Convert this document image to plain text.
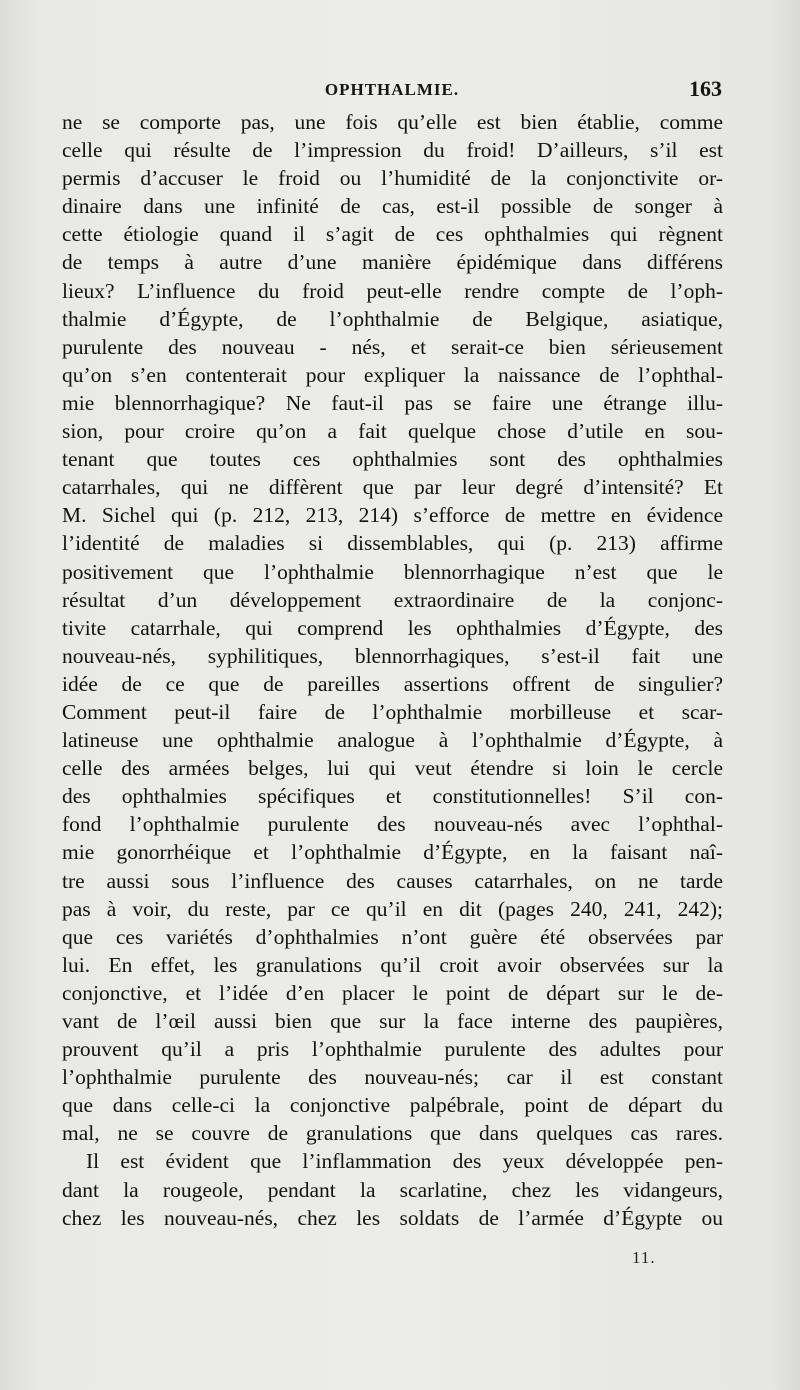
OPHTHALMIE.	163
ne se comporte pas, une fois qu’elle est bien établie, comme
celle qui résulte de l’impression du froid! D’ailleurs, s’il est
permis d’accuser le froid ou l’humidité de la conjonctivite or-
dinaire dans une infinité de cas, est-il possible de songer à
cette étiologie quand il s’agit de ces ophthalmies qui règnent
de temps à autre d’une manière épidémique dans différens
lieux? L’influence du froid peut-elle rendre compte de l’oph-
thalmie d’Égypte, de l’ophthalmie de Belgique, asiatique,
purulente des nouveau - nés, et serait-ce bien sérieusement
qu’on s’en contenterait pour expliquer la naissance de l’ophthal-
mie blennorrhagique? Ne faut-il pas se faire une étrange illu-
sion, pour croire qu’on a fait quelque chose d’utile en sou-
tenant que toutes ces ophthalmies sont des ophthalmies
catarrhales, qui ne diffèrent que par leur degré d’intensité? Et
M. Sichel qui (p. 212, 213, 214) s’efforce de mettre en évidence
l’identité de maladies si dissemblables, qui (p. 213) affirme
positivement que l’ophthalmie blennorrhagique n’est que le
résultat d’un développement extraordinaire de la conjonc-
tivite catarrhale, qui comprend les ophthalmies d’Égypte, des
nouveau-nés, syphilitiques, blennorrhagiques, s’est-il fait une
idée de ce que de pareilles assertions offrent de singulier?
Comment peut-il faire de l’ophthalmie morbilleuse et scar-
latineuse une ophthalmie analogue à l’ophthalmie d’Égypte, à
celle des armées belges, lui qui veut étendre si loin le cercle
des ophthalmies spécifiques et constitutionnelles! S’il con-
fond l’ophthalmie purulente des nouveau-nés avec l’ophthal-
mie gonorrhéique et l’ophthalmie d’Égypte, en la faisant naî-
tre aussi sous l’influence des causes catarrhales, on ne tarde
pas à voir, du reste, par ce qu’il en dit (pages 240, 241, 242);
que ces variétés d’ophthalmies n’ont guère été observées par
lui. En effet, les granulations qu’il croit avoir observées sur la
conjonctive, et l’idée d’en placer le point de départ sur le de-
vant de l’œil aussi bien que sur la face interne des paupières,
prouvent qu’il a pris l’ophthalmie purulente des adultes pour
l’ophthalmie purulente des nouveau-nés; car il est constant
que dans celle-ci la conjonctive palpébrale, point de départ du
mal, ne se couvre de granulations que dans quelques cas rares.
Il est évident que l’inflammation des yeux développée pen-
dant la rougeole, pendant la scarlatine, chez les vidangeurs,
chez les nouveau-nés, chez les soldats de l’armée d’Égypte ou
11.
